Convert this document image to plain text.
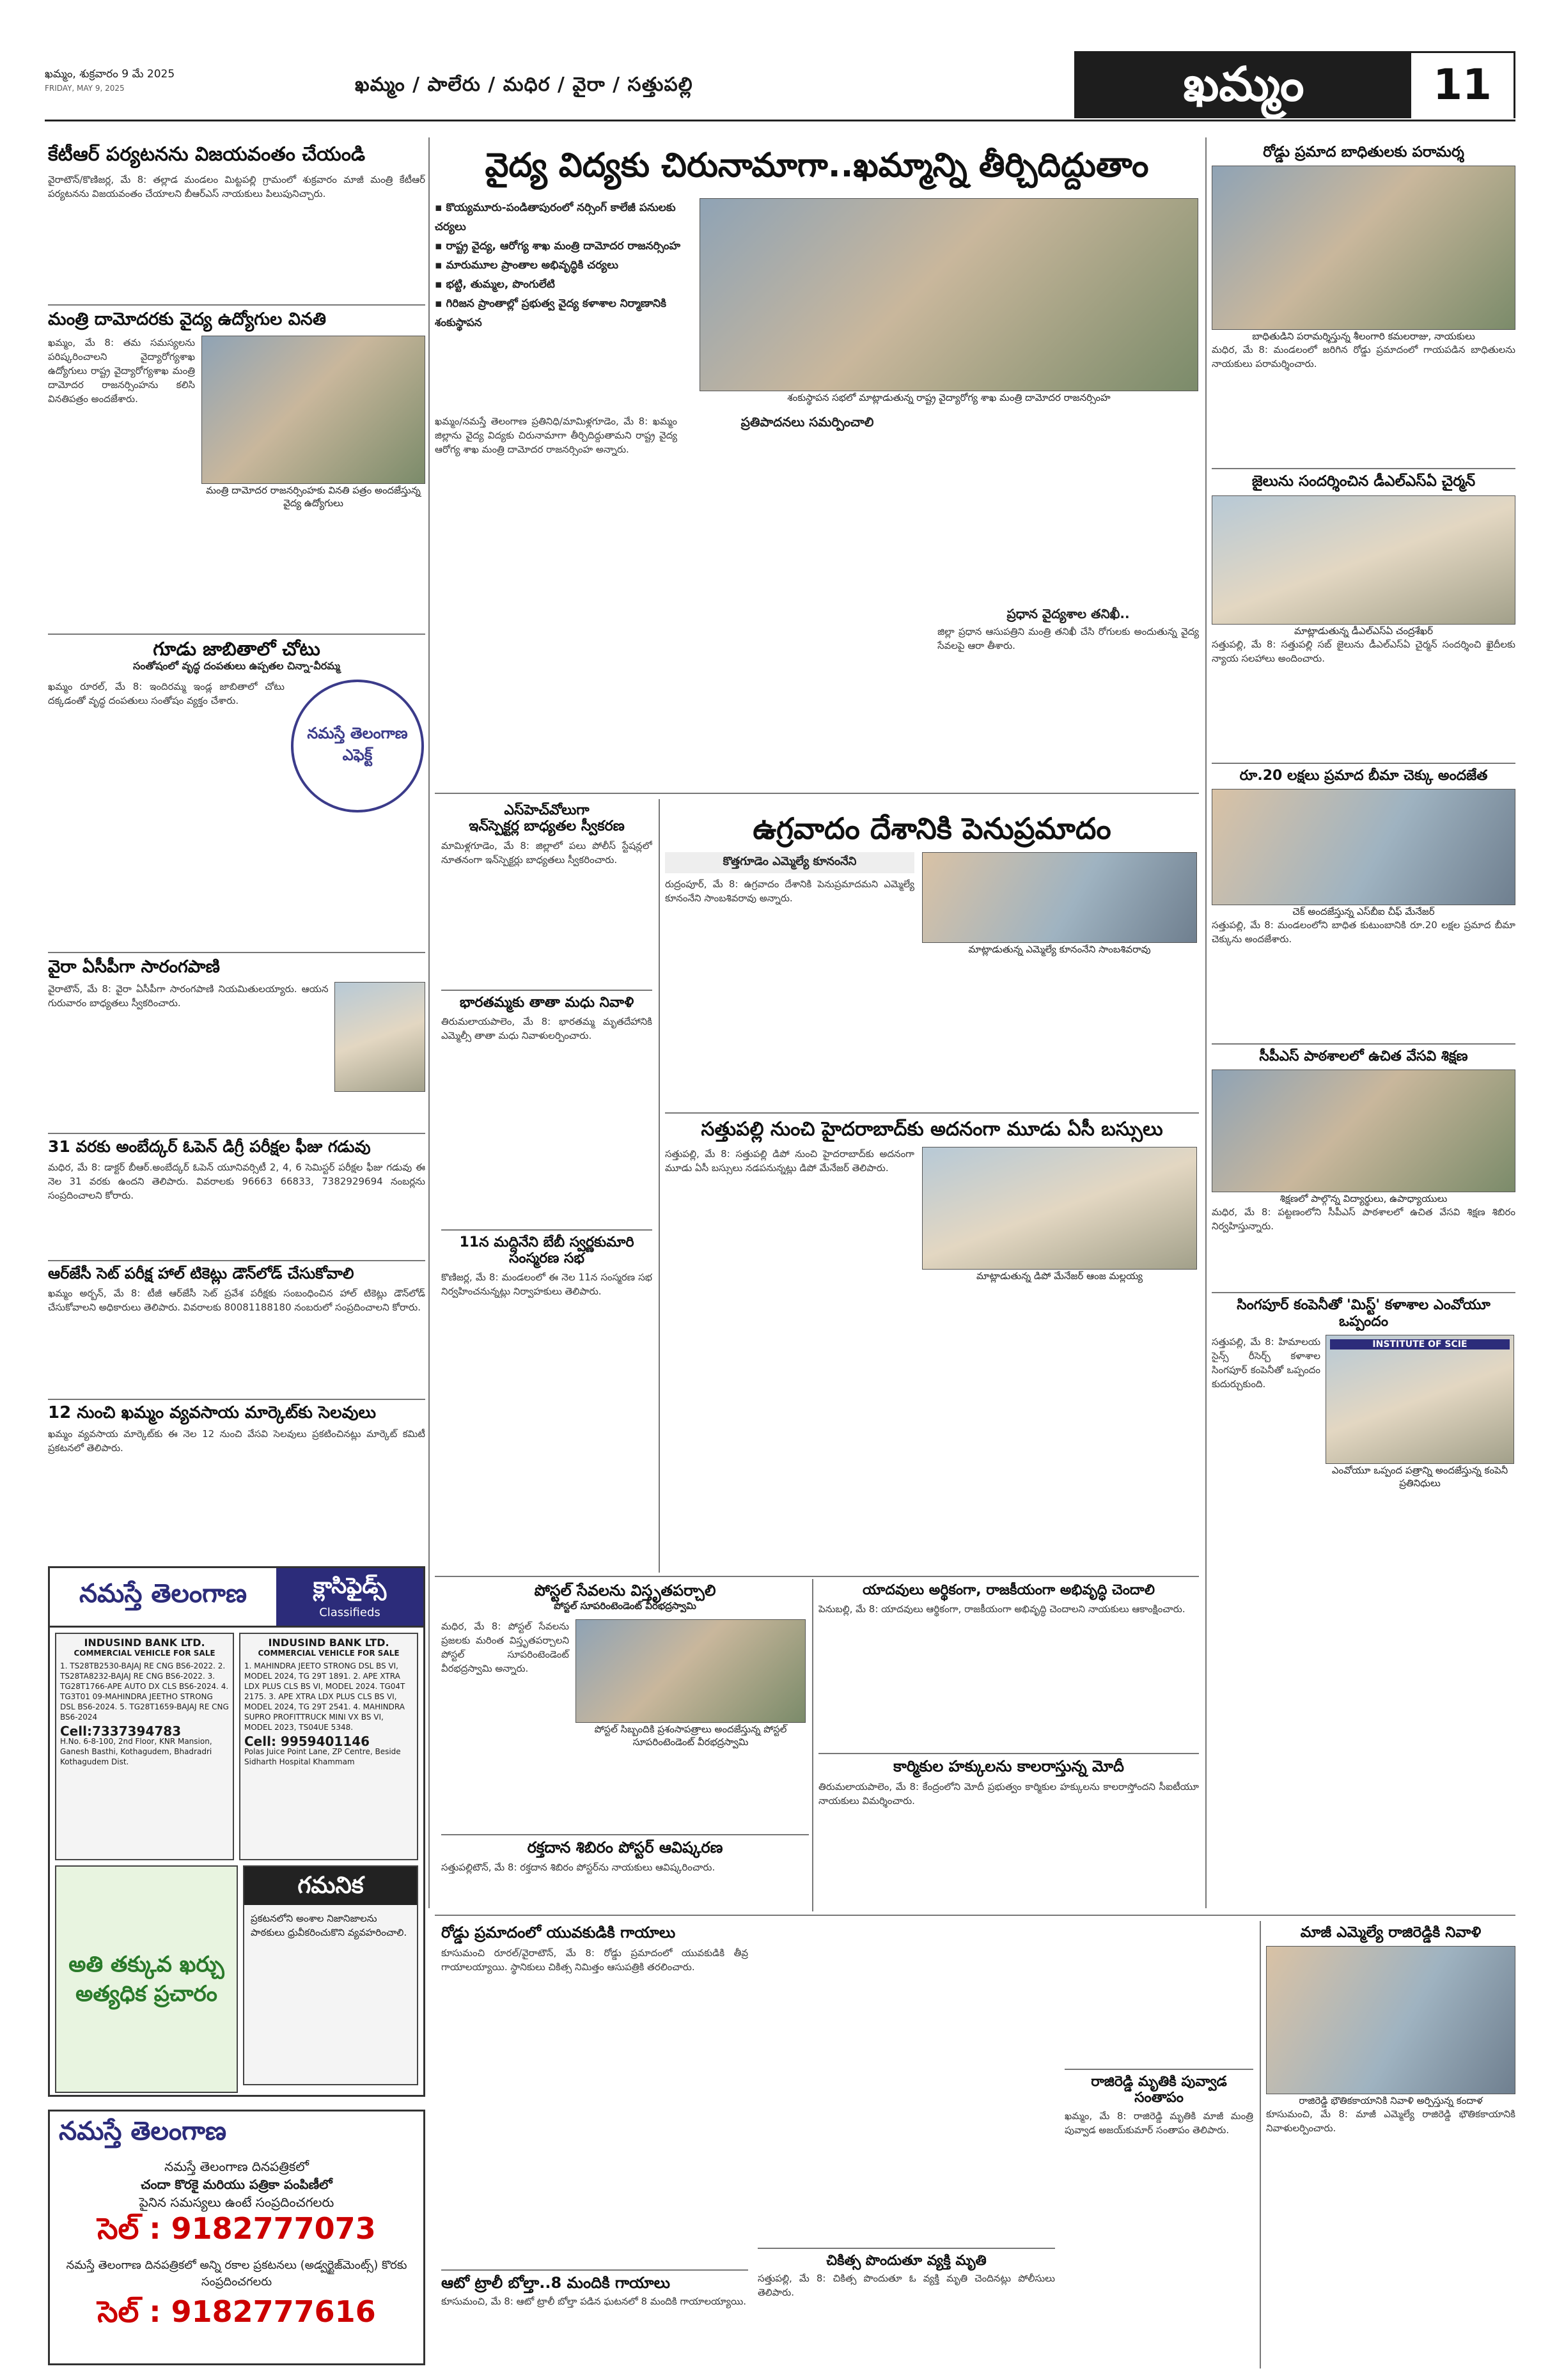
ఖమ్మం, శుక్రవారం 9 మే 2025
FRIDAY, MAY 9, 2025	ఖమ్మం / పాలేరు / మధిర / వైరా / సత్తుపల్లి	ఖమ్మం	11
కేటీఆర్ పర్యటనను విజయవంతం చేయండి
వైరాటౌన్/కొణిజర్ల, మే 8: తల్లాడ మండలం మిట్టపల్లి గ్రామంలో శుక్రవారం మాజీ మంత్రి కేటీఆర్ పర్యటనను విజయవంతం చేయాలని బీఆర్ఎస్ నాయకులు పిలుపునిచ్చారు.
మంత్రి దామోదరకు వైద్య ఉద్యోగుల వినతి
ఖమ్మం, మే 8: తమ సమస్యలను పరిష్కరించాలని వైద్యారోగ్యశాఖ ఉద్యోగులు రాష్ట్ర వైద్యారోగ్యశాఖ మంత్రి దామోదర రాజనర్సింహను కలిసి వినతిపత్రం అందజేశారు.
మంత్రి దామోదర రాజనర్సింహకు వినతి పత్రం అందజేస్తున్న వైద్య ఉద్యోగులు
గూడు జాబితాలో చోటు
సంతోషంలో వృద్ధ దంపతులు ఉప్పతల చిన్నా-వీరమ్మ
ఖమ్మం రూరల్, మే 8: ఇందిరమ్మ ఇండ్ల జాబితాలో చోటు దక్కడంతో వృద్ధ దంపతులు సంతోషం వ్యక్తం చేశారు.
నమస్తే తెలంగాణ ఎఫెక్ట్
వైరా ఏసీపీగా సారంగపాణి
వైరాటౌన్, మే 8: వైరా ఏసీపీగా సారంగపాణి నియమితులయ్యారు. ఆయన గురువారం బాధ్యతలు స్వీకరించారు.
31 వరకు అంబేద్కర్ ఓపెన్ డిగ్రీ పరీక్షల ఫీజు గడువు
మధిర, మే 8: డాక్టర్ బీఆర్.అంబేద్కర్ ఓపెన్ యూనివర్సిటీ 2, 4, 6 సెమిస్టర్ పరీక్షల ఫీజు గడువు ఈ నెల 31 వరకు ఉందని తెలిపారు. వివరాలకు 96663 66833, 7382929694 నంబర్లను సంప్రదించాలని కోరారు.
ఆర్‌జేసీ సెట్ పరీక్ష హాల్ టికెట్లు డౌన్‌లోడ్ చేసుకోవాలి
ఖమ్మం అర్బన్, మే 8: టీజీ ఆర్‌జేసీ సెట్ ప్రవేశ పరీక్షకు సంబంధించిన హాల్ టికెట్లు డౌన్‌లోడ్ చేసుకోవాలని అధికారులు తెలిపారు. వివరాలకు 80081188180 నంబరులో సంప్రదించాలని కోరారు.
12 నుంచి ఖమ్మం వ్యవసాయ మార్కెట్‌కు సెలవులు
ఖమ్మం వ్యవసాయ మార్కెట్‌కు ఈ నెల 12 నుంచి వేసవి సెలవులు ప్రకటించినట్లు మార్కెట్ కమిటీ ప్రకటనలో తెలిపారు.
నమస్తే తెలంగాణ	క్లాసిఫైడ్స్
Classifieds
INDUSIND BANK LTD.
COMMERCIAL VEHICLE FOR SALE
1. TS28TB2530-BAJAJ RE CNG BS6-2022. 2. TS28TA8232-BAJAJ RE CNG BS6-2022. 3. TG28T1766-APE AUTO DX CLS BS6-2024. 4. TG3T01 09-MAHINDRA JEETHO STRONG DSL BS6-2024. 5. TG28T1659-BAJAJ RE CNG BS6-2024
Cell:7337394783
H.No. 6-8-100, 2nd Floor, KNR Mansion, Ganesh Basthi, Kothagudem, Bhadradri Kothagudem Dist.
INDUSIND BANK LTD.
COMMERCIAL VEHICLE FOR SALE
1. MAHINDRA JEETO STRONG DSL BS VI, MODEL 2024, TG 29T 1891. 2. APE XTRA LDX PLUS CLS BS VI, MODEL 2024. TG04T 2175. 3. APE XTRA LDX PLUS CLS BS VI, MODEL 2024, TG 29T 2541. 4. MAHINDRA SUPRO PROFITTRUCK MINI VX BS VI, MODEL 2023, TS04UE 5348.
Cell: 9959401146
Polas Juice Point Lane, ZP Centre, Beside Sidharth Hospital Khammam
అతి తక్కువ ఖర్చు అత్యధిక ప్రచారం
గమనిక
ప్రకటనలోని అంశాల నిజానిజాలను పాఠకులు ధ్రువీకరించుకొని వ్యవహరించాలి.
నమస్తే తెలంగాణ
నమస్తే తెలంగాణ దినపత్రికలో
చందా కొరకై మరియు పత్రికా పంపిణీలో
పైనిన సమస్యలు ఉంటే సంప్రదించగలరు
సెల్ : 9182777073
నమస్తే తెలంగాణ దినపత్రికలో అన్ని రకాల ప్రకటనలు (అడ్వర్టైజ్‌మెంట్స్) కొరకు సంప్రదించగలరు
సెల్ : 9182777616
వైద్య విద్యకు చిరునామాగా..ఖమ్మాన్ని తీర్చిదిద్దుతాం
▪ కొయ్యమూరు-పండితాపురంలో నర్సింగ్ కాలేజీ పనులకు చర్యలు
▪ రాష్ట్ర వైద్య, ఆరోగ్య శాఖ మంత్రి దామోదర రాజనర్సింహ
▪ మారుమూల ప్రాంతాల అభివృద్ధికి చర్యలు
▪ భట్టి, తుమ్మల, పొంగులేటి
▪ గిరిజన ప్రాంతాల్లో ప్రభుత్వ వైద్య కళాశాల నిర్మాణానికి శంకుస్థాపన
శంకుస్థాపన సభలో మాట్లాడుతున్న రాష్ట్ర వైద్యారోగ్య శాఖ మంత్రి దామోదర రాజనర్సింహ
ఖమ్మం/నమస్తే తెలంగాణ ప్రతినిధి/మామిళ్లగూడెం, మే 8: ఖమ్మం జిల్లాను వైద్య విద్యకు చిరునామాగా తీర్చిదిద్దుతామని రాష్ట్ర వైద్య ఆరోగ్య శాఖ మంత్రి దామోదర రాజనర్సింహ అన్నారు.
ప్రతిపాదనలు సమర్పించాలి
ప్రధాన వైద్యశాల తనిఖీ..
జిల్లా ప్రధాన ఆసుపత్రిని మంత్రి తనిఖీ చేసి రోగులకు అందుతున్న వైద్య సేవలపై ఆరా తీశారు.
ఎస్‌హెచ్‌వోలుగా
ఇన్‌స్పెక్టర్ల బాధ్యతల స్వీకరణ
మామిళ్లగూడెం, మే 8: జిల్లాలో పలు పోలీస్ స్టేషన్లలో నూతనంగా ఇన్‌స్పెక్టర్లు బాధ్యతలు స్వీకరించారు.
భారతమ్మకు తాతా మధు నివాళి
తిరుమలాయపాలెం, మే 8: భారతమ్మ మృతదేహానికి ఎమ్మెల్సీ తాతా మధు నివాళులర్పించారు.
11న మద్దినేని బేబీ స్వర్ణకుమారి సంస్మరణ సభ
కొణిజర్ల, మే 8: మండలంలో ఈ నెల 11న సంస్మరణ సభ నిర్వహించనున్నట్లు నిర్వాహకులు తెలిపారు.
ఉగ్రవాదం దేశానికి పెనుప్రమాదం
కొత్తగూడెం ఎమ్మెల్యే కూనంనేని
రుద్రంపూర్, మే 8: ఉగ్రవాదం దేశానికి పెనుప్రమాదమని ఎమ్మెల్యే కూనంనేని సాంబశివరావు అన్నారు.
మాట్లాడుతున్న ఎమ్మెల్యే కూనంనేని సాంబశివరావు
సత్తుపల్లి నుంచి హైదరాబాద్‌కు అదనంగా మూడు ఏసీ బస్సులు
సత్తుపల్లి, మే 8: సత్తుపల్లి డిపో నుంచి హైదరాబాద్‌కు అదనంగా మూడు ఏసీ బస్సులు నడపనున్నట్లు డిపో మేనేజర్ తెలిపారు.
మాట్లాడుతున్న డిపో మేనేజర్ ఆంజ మల్లయ్య
పోస్టల్ సేవలను విస్తృతపర్చాలి
పోస్టల్ సూపరింటెండెంట్ వీరభద్రస్వామి
మధిర, మే 8: పోస్టల్ సేవలను ప్రజలకు మరింత విస్తృతపర్చాలని పోస్టల్ సూపరింటెండెంట్ వీరభద్రస్వామి అన్నారు.
పోస్టల్ సిబ్బందికి ప్రశంసాపత్రాలు అందజేస్తున్న పోస్టల్ సూపరింటెండెంట్ వీరభద్రస్వామి
రక్తదాన శిబిరం పోస్టర్ ఆవిష్కరణ
సత్తుపల్లిటౌన్, మే 8: రక్తదాన శిబిరం పోస్టర్‌ను నాయకులు ఆవిష్కరించారు.
యాదవులు అర్థికంగా, రాజకీయంగా అభివృద్ధి చెందాలి
పెనుబల్లి, మే 8: యాదవులు ఆర్థికంగా, రాజకీయంగా అభివృద్ధి చెందాలని నాయకులు ఆకాంక్షించారు.
కార్మికుల హక్కులను కాలరాస్తున్న మోదీ
తిరుమలాయపాలెం, మే 8: కేంద్రంలోని మోదీ ప్రభుత్వం కార్మికుల హక్కులను కాలరాస్తోందని సీఐటీయూ నాయకులు విమర్శించారు.
రోడ్డు ప్రమాద బాధితులకు పరామర్శ
బాధితుడిని పరామర్శిస్తున్న శీలంగారి కమలరాజు, నాయకులు
మధిర, మే 8: మండలంలో జరిగిన రోడ్డు ప్రమాదంలో గాయపడిన బాధితులను నాయకులు పరామర్శించారు.
జైలును సందర్శించిన డీఎల్ఎస్ఏ చైర్మన్
మాట్లాడుతున్న డీఎల్ఎస్ఏ చంద్రశేఖర్
సత్తుపల్లి, మే 8: సత్తుపల్లి సబ్ జైలును డీఎల్ఎస్ఏ చైర్మన్ సందర్శించి ఖైదీలకు న్యాయ సలహాలు అందించారు.
రూ.20 లక్షలు ప్రమాద బీమా చెక్కు అందజేత
చెక్ అందజేస్తున్న ఎస్‌బీఐ చీఫ్ మేనేజర్
సత్తుపల్లి, మే 8: మండలంలోని బాధిత కుటుంబానికి రూ.20 లక్షల ప్రమాద బీమా చెక్కును అందజేశారు.
సీపీఎస్ పాఠశాలలో ఉచిత వేసవి శిక్షణ
శిక్షణలో పాల్గొన్న విద్యార్థులు, ఉపాధ్యాయులు
మధిర, మే 8: పట్టణంలోని సీపీఎస్ పాఠశాలలో ఉచిత వేసవి శిక్షణ శిబిరం నిర్వహిస్తున్నారు.
సింగపూర్ కంపెనీతో 'మిస్ట్' కళాశాల ఎంవోయూ ఒప్పందం
సత్తుపల్లి, మే 8: హిమాలయ సైన్స్ రీసెర్చ్ కళాశాల సింగపూర్ కంపెనీతో ఒప్పందం కుదుర్చుకుంది.
INSTITUTE OF SCIE
ఎంవోయూ ఒప్పంద పత్రాన్ని అందజేస్తున్న కంపెనీ ప్రతినిధులు
రోడ్డు ప్రమాదంలో యువకుడికి గాయాలు
కూసుమంచి రూరల్/వైరాటౌన్, మే 8: రోడ్డు ప్రమాదంలో యువకుడికి తీవ్ర గాయాలయ్యాయి. స్థానికులు చికిత్స నిమిత్తం ఆసుపత్రికి తరలించారు.
ఆటో ట్రాలీ బోల్తా..8 మందికి గాయాలు
కూసుమంచి, మే 8: ఆటో ట్రాలీ బోల్తా పడిన ఘటనలో 8 మందికి గాయాలయ్యాయి.
చికిత్స పొందుతూ వ్యక్తి మృతి
సత్తుపల్లి, మే 8: చికిత్స పొందుతూ ఓ వ్యక్తి మృతి చెందినట్లు పోలీసులు తెలిపారు.
రాజిరెడ్డి మృతికి పువ్వాడ సంతాపం
ఖమ్మం, మే 8: రాజిరెడ్డి మృతికి మాజీ మంత్రి పువ్వాడ అజయ్‌కుమార్ సంతాపం తెలిపారు.
మాజీ ఎమ్మెల్యే రాజిరెడ్డికి నివాళి
రాజిరెడ్డి భౌతికకాయానికి నివాళి అర్పిస్తున్న కందాళ
కూసుమంచి, మే 8: మాజీ ఎమ్మెల్యే రాజిరెడ్డి భౌతికకాయానికి నివాళులర్పించారు.
